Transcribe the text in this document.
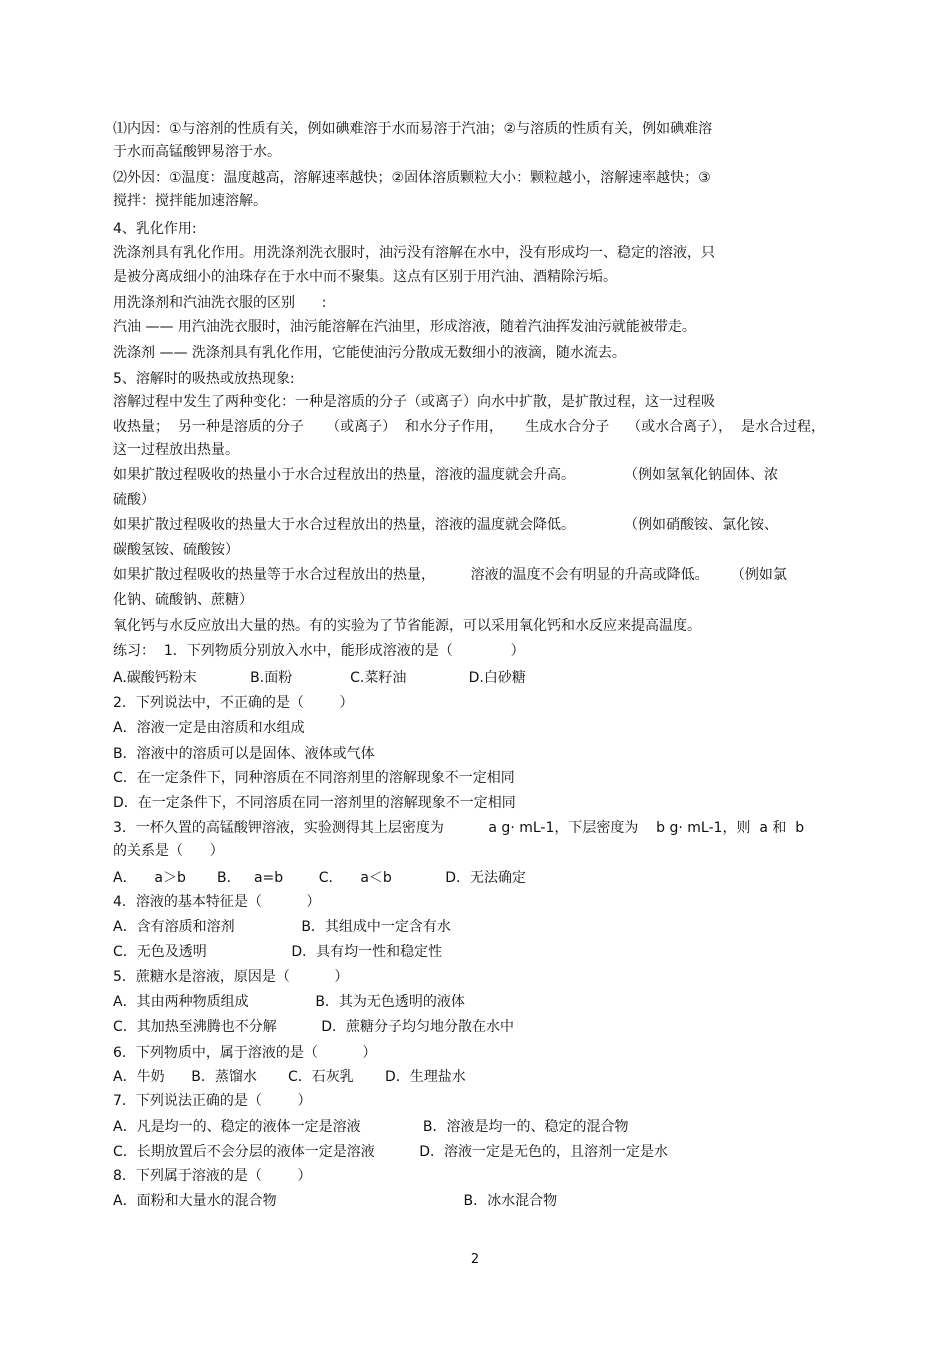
⑴内因：①与溶剂的性质有关，例如碘难溶于水而易溶于汽油；②与溶质的性质有关，例如碘难溶
于水而高锰酸钾易溶于水。
⑵外因：①温度：温度越高，溶解速率越快；②固体溶质颗粒大小：颗粒越小，溶解速率越快；③
搅拌：搅拌能加速溶解。
4、乳化作用:
洗涤剂具有乳化作用。用洗涤剂洗衣服时，油污没有溶解在水中，没有形成均一、稳定的溶液，只
是被分离成细小的油珠存在于水中而不聚集。这点有区别于用汽油、酒精除污垢。
用洗涤剂和汽油洗衣服的区别      :
汽油 —— 用汽油洗衣服时，油污能溶解在汽油里，形成溶液，随着汽油挥发油污就能被带走。
洗涤剂 —— 洗涤剂具有乳化作用，它能使油污分散成无数细小的液滴，随水流去。
5、溶解时的吸热或放热现象:
溶解过程中发生了两种变化：一种是溶质的分子（或离子）向水中扩散，是扩散过程，这一过程吸
收热量；  另一种是溶质的分子     （或离子）  和水分子作用，     生成水合分子    （或水合离子），  是水合过程，
这一过程放出热量。
如果扩散过程吸收的热量小于水合过程放出的热量，溶液的温度就会升高。           （例如氢氧化钠固体、浓
硫酸）
如果扩散过程吸收的热量大于水合过程放出的热量，溶液的温度就会降低。           （例如硝酸铵、氯化铵、
碳酸氢铵、硫酸铵）
如果扩散过程吸收的热量等于水合过程放出的热量，        溶液的温度不会有明显的升高或降低。     （例如氯
化钠、硫酸钠、蔗糖）
氧化钙与水反应放出大量的热。有的实验为了节省能源，可以采用氧化钙和水反应来提高温度。
练习：  1．下列物质分别放入水中，能形成溶液的是（             ）
A.碳酸钙粉末            B.面粉             C.菜籽油              D.白砂糖
2．下列说法中，不正确的是（        ）
A．溶液一定是由溶质和水组成
B．溶液中的溶质可以是固体、液体或气体
C．在一定条件下，同种溶质在不同溶剂里的溶解现象不一定相同
D．在一定条件下，不同溶质在同一溶剂里的溶解现象不一定相同
3．一杯久置的高锰酸钾溶液，实验测得其上层密度为          a g· mL-1，下层密度为    b g· mL-1，则  a 和  b
的关系是（      ）
A．    a＞b       B．   a=b        C．    a＜b            D．无法确定
4．溶液的基本特征是（          ）
A．含有溶质和溶剂               B．其组成中一定含有水
C．无色及透明                   D．具有均一性和稳定性
5．蔗糖水是溶液，原因是（          ）
A．其由两种物质组成               B．其为无色透明的液体
C．其加热至沸腾也不分解          D．蔗糖分子均匀地分散在水中
6．下列物质中，属于溶液的是（          ）
A．牛奶      B．蒸馏水       C．石灰乳       D．生理盐水
7．下列说法正确的是（        ）
A．凡是均一的、稳定的液体一定是溶液              B．溶液是均一的、稳定的混合物
C．长期放置后不会分层的液体一定是溶液          D．溶液一定是无色的，且溶剂一定是水
8．下列属于溶液的是（        ）
A．面粉和大量水的混合物                                          B．冰水混合物
2
